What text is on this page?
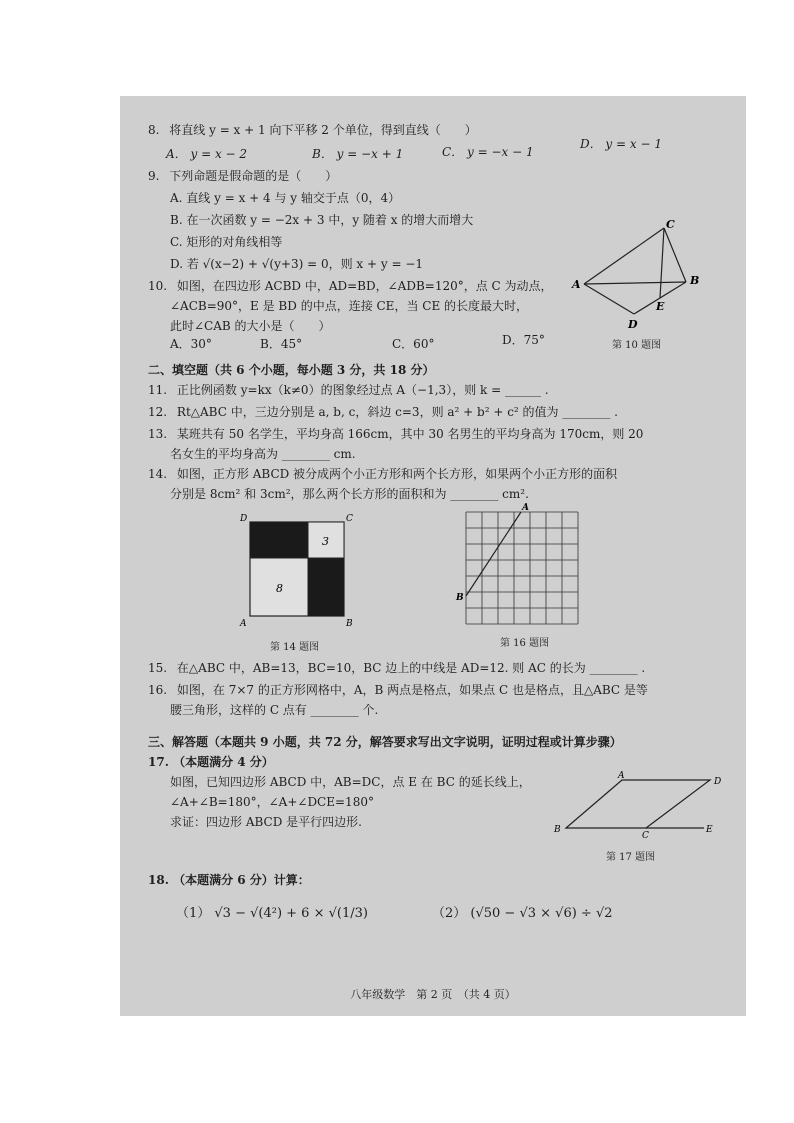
8. 将直线 y = x + 1 向下平移 2 个单位，得到直线（　　）
A． y = x − 2	B． y = −x + 1	C． y = −x − 1
D． y = x − 1
9. 下列命题是假命题的是（　　）
A. 直线 y = x + 4 与 y 轴交于点（0，4）
B. 在一次函数 y = −2x + 3 中，y 随着 x 的增大而增大
C. 矩形的对角线相等
D. 若 √(x−2) + √(y+3) = 0，则 x + y = −1
10. 如图，在四边形 ACBD 中，AD=BD，∠ADB=120°，点 C 为动点，
∠ACB=90°，E 是 BD 的中点，连接 CE，当 CE 的长度最大时，
此时∠CAB 的大小是（　　）
A．30°	B．45°	C．60°	D．75°
A	B
C
D
E
第 10 题图
二、填空题（共 6 个小题，每小题 3 分，共 18 分）
11. 正比例函数 y=kx（k≠0）的图象经过点 A（−1,3），则 k = ______ .
12. Rt△ABC 中，三边分别是 a, b, c，斜边 c=3，则 a² + b² + c² 的值为 ________ .
13. 某班共有 50 名学生，平均身高 166cm，其中 30 名男生的平均身高为 170cm，则 20
名女生的平均身高为 ________ cm.
14. 如图，正方形 ABCD 被分成两个小正方形和两个长方形，如果两个小正方形的面积
分别是 8cm² 和 3cm²，那么两个长方形的面积和为 ________ cm².
3
8
D	C
A	B
第 14 题图
A
B
第 16 题图
15. 在△ABC 中，AB=13，BC=10，BC 边上的中线是 AD=12. 则 AC 的长为 ________ .
16. 如图，在 7×7 的正方形网格中，A，B 两点是格点，如果点 C 也是格点，且△ABC 是等
腰三角形，这样的 C 点有 ________ 个.
三、解答题（本题共 9 小题，共 72 分，解答要求写出文字说明，证明过程或计算步骤）
17. （本题满分 4 分）
如图，已知四边形 ABCD 中，AB=DC，点 E 在 BC 的延长线上，
∠A+∠B=180°，∠A+∠DCE=180°
求证：四边形 ABCD 是平行四边形.
A
D
B
C
E
第 17 题图
18. （本题满分 6 分）计算：
（1） √3 − √(4²) + 6 × √(1/3)	（2） (√50 − √3 × √6) ÷ √2
八年级数学　第 2 页　（共 4 页）
